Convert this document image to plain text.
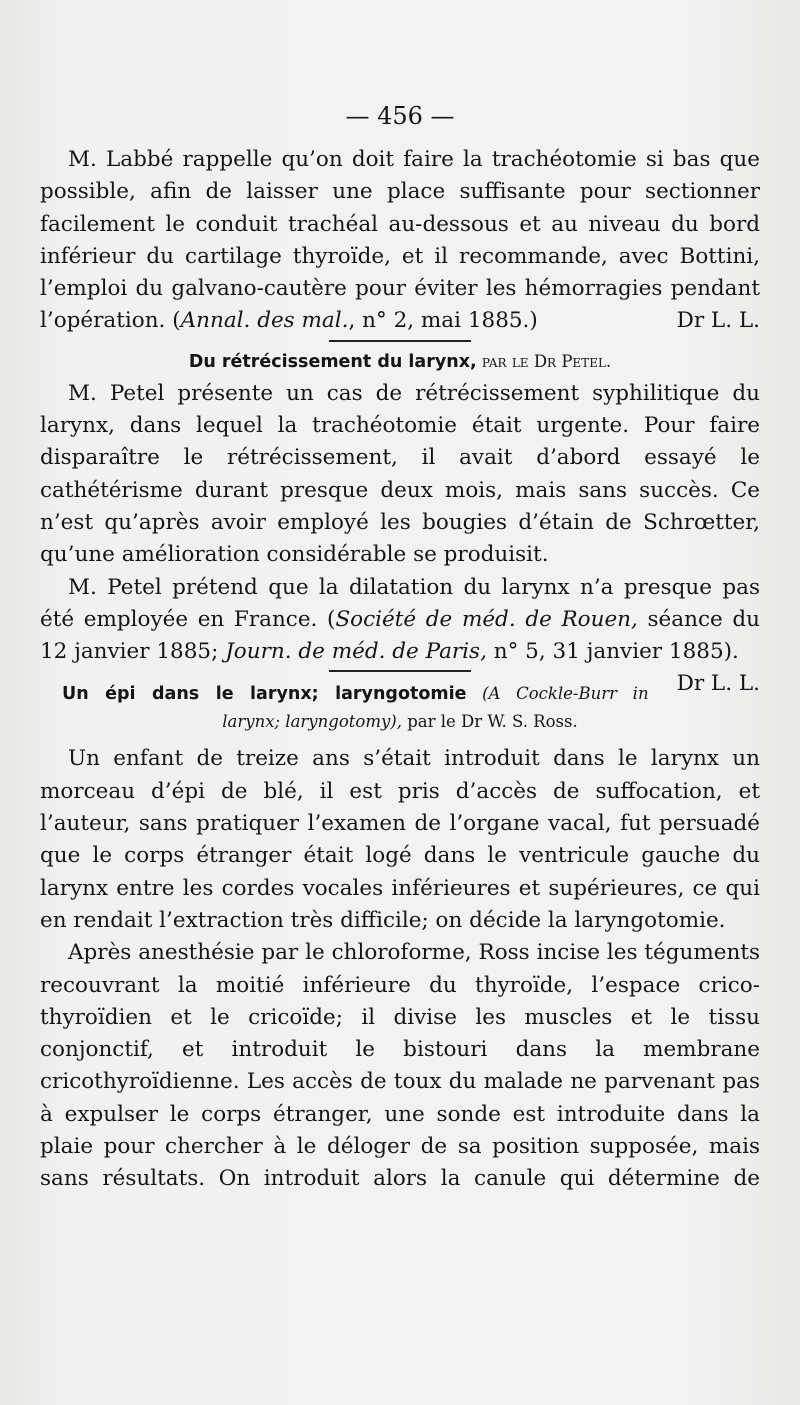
— 456 —

M. Labbé rappelle qu’on doit faire la trachéotomie si bas que possible, afin de laisser une place suffisante pour sectionner facilement le conduit trachéal au-dessous et au niveau du bord inférieur du cartilage thyroïde, et il recommande, avec Bottini, l’emploi du galvano-cautère pour éviter les hémorragies pendant l’opération. (Annal. des mal., n° 2, mai 1885.)	Dr L. L.

Du rétrécissement du larynx, par le Dr Petel.

M. Petel présente un cas de rétrécissement syphilitique du larynx, dans lequel la trachéotomie était urgente. Pour faire disparaître le rétrécissement, il avait d’abord essayé le cathétérisme durant presque deux mois, mais sans succès. Ce n’est qu’après avoir employé les bougies d’étain de Schrœtter, qu’une amélioration considérable se produisit.

M. Petel prétend que la dilatation du larynx n’a presque pas été employée en France. (Société de méd. de Rouen, séance du 12 janvier 1885; Journ. de méd. de Paris, n° 5, 31 janvier 1885).
Dr L. L.

Un épi dans le larynx; laryngotomie (A Cockle-Burr in
larynx; laryngotomy), par le Dr W. S. Ross.

Un enfant de treize ans s’était introduit dans le larynx un morceau d’épi de blé, il est pris d’accès de suffocation, et l’auteur, sans pratiquer l’examen de l’organe vacal, fut persuadé que le corps étranger était logé dans le ventricule gauche du larynx entre les cordes vocales inférieures et supérieures, ce qui en rendait l’extraction très difficile; on décide la laryngotomie.

Après anesthésie par le chloroforme, Ross incise les téguments recouvrant la moitié inférieure du thyroïde, l’espace crico-thyroïdien et le cricoïde; il divise les muscles et le tissu conjonctif, et introduit le bistouri dans la membrane cricothyroïdienne. Les accès de toux du malade ne parvenant pas à expulser le corps étranger, une sonde est introduite dans la plaie pour chercher à le déloger de sa position supposée, mais sans résultats. On introduit alors la canule qui détermine de
